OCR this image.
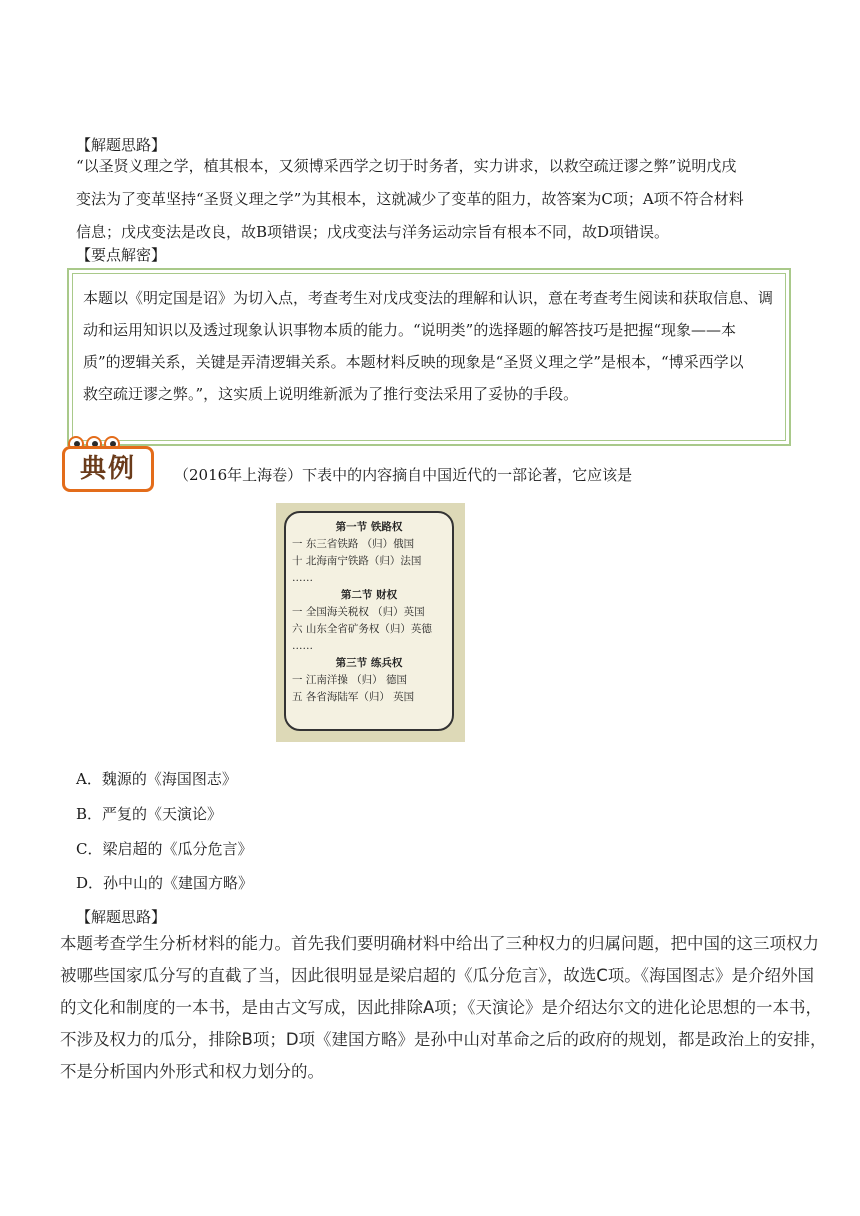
【解题思路】
“以圣贤义理之学，植其根本，又须博采西学之切于时务者，实力讲求，以救空疏迂谬之弊”说明戊戌
变法为了变革坚持“圣贤义理之学”为其根本，这就减少了变革的阻力，故答案为C项；A项不符合材料
信息；戊戌变法是改良，故B项错误；戊戌变法与洋务运动宗旨有根本不同，故D项错误。
【要点解密】
本题以《明定国是诏》为切入点，考查考生对戊戌变法的理解和认识，意在考查考生阅读和获取信息、调
动和运用知识以及透过现象认识事物本质的能力。“说明类”的选择题的解答技巧是把握“现象——本
质”的逻辑关系，关键是弄清逻辑关系。本题材料反映的现象是“圣贤义理之学”是根本，“博采西学以
救空疏迂谬之弊。”，这实质上说明维新派为了推行变法采用了妥协的手段。
典例	（2016年上海卷）下表中的内容摘自中国近代的一部论著，它应该是
第一节 铁路权
一 东三省铁路 （归）俄国
十 北海南宁铁路（归）法国
……
第二节 财权
一 全国海关税权 （归）英国
六 山东全省矿务权（归）英德
……
第三节 练兵权
一 江南洋操 （归） 德国
五 各省海陆军（归） 英国
A．魏源的《海国图志》
B．严复的《天演论》
C．梁启超的《瓜分危言》
D．孙中山的《建国方略》
【解题思路】
本题考查学生分析材料的能力。首先我们要明确材料中给出了三种权力的归属问题，把中国的这三项权力
被哪些国家瓜分写的直截了当，因此很明显是梁启超的《瓜分危言》，故选C项。《海国图志》是介绍外国
的文化和制度的一本书，是由古文写成，因此排除A项；《天演论》是介绍达尔文的进化论思想的一本书，
不涉及权力的瓜分，排除B项；D项《建国方略》是孙中山对革命之后的政府的规划，都是政治上的安排，
不是分析国内外形式和权力划分的。
